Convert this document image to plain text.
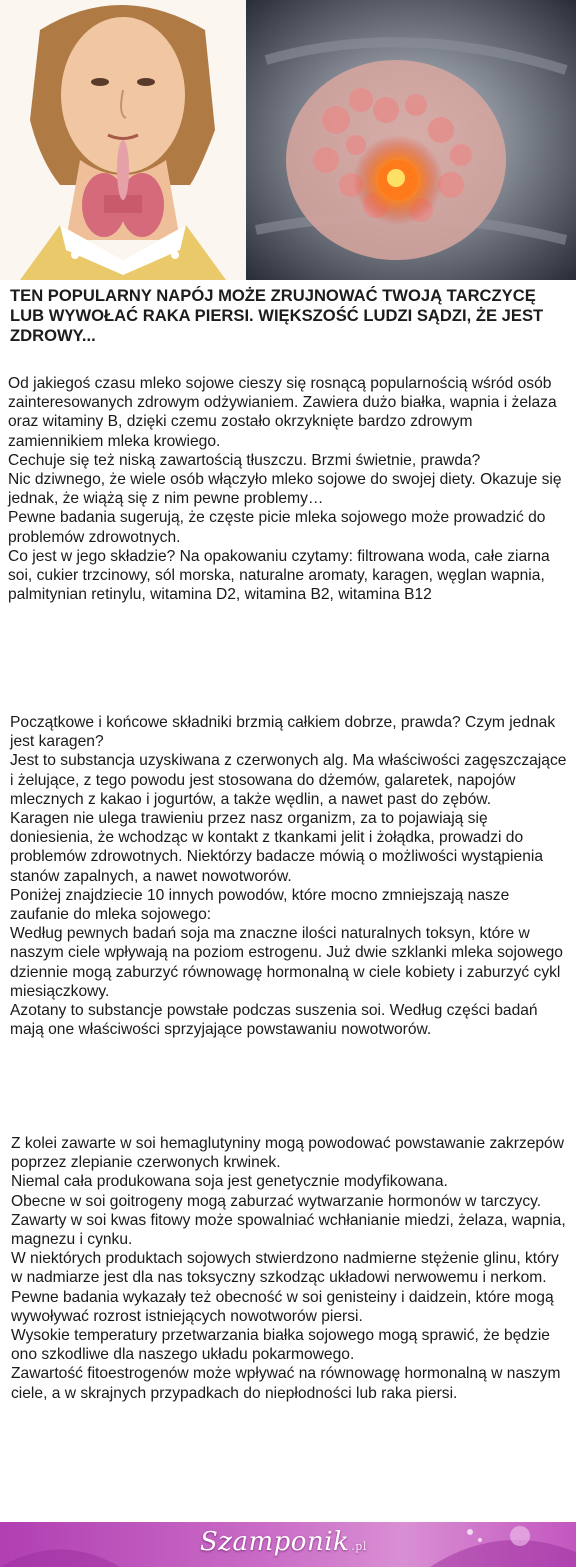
TEN POPULARNY NAPÓJ MOŻE ZRUJNOWAĆ TWOJĄ TARCZYCĘ LUB WYWOŁAĆ RAKA PIERSI. WIĘKSZOŚĆ LUDZI SĄDZI, ŻE JEST ZDROWY...

Od jakiegoś czasu mleko sojowe cieszy się rosnącą popularnością wśród osób zainteresowanych zdrowym odżywianiem. Zawiera dużo białka, wapnia i żelaza oraz witaminy B, dzięki czemu zostało okrzyknięte bardzo zdrowym zamiennikiem mleka krowiego.

Cechuje się też niską zawartością tłuszczu. Brzmi świetnie, prawda?

Nic dziwnego, że wiele osób włączyło mleko sojowe do swojej diety. Okazuje się jednak, że wiążą się z nim pewne problemy…

Pewne badania sugerują, że częste picie mleka sojowego może prowadzić do problemów zdrowotnych.

Co jest w jego składzie? Na opakowaniu czytamy: filtrowana woda, całe ziarna soi, cukier trzcinowy, sól morska, naturalne aromaty, karagen, węglan wapnia, palmitynian retinylu, witamina D2, witamina B2, witamina B12

Początkowe i końcowe składniki brzmią całkiem dobrze, prawda? Czym jednak jest karagen?

Jest to substancja uzyskiwana z czerwonych alg. Ma właściwości zagęszczające i żelujące, z tego powodu jest stosowana do dżemów, galaretek, napojów mlecznych z kakao i jogurtów, a także wędlin, a nawet past do zębów.

Karagen nie ulega trawieniu przez nasz organizm, za to pojawiają się doniesienia, że wchodząc w kontakt z tkankami jelit i żołądka, prowadzi do problemów zdrowotnych. Niektórzy badacze mówią o możliwości wystąpienia stanów zapalnych, a nawet nowotworów.

Poniżej znajdziecie 10 innych powodów, które mocno zmniejszają nasze zaufanie do mleka sojowego:

Według pewnych badań soja ma znaczne ilości naturalnych toksyn, które w naszym ciele wpływają na poziom estrogenu. Już dwie szklanki mleka sojowego dziennie mogą zaburzyć równowagę hormonalną w ciele kobiety i zaburzyć cykl miesiączkowy.

Azotany to substancje powstałe podczas suszenia soi. Według części badań mają one właściwości sprzyjające powstawaniu nowotworów.

Z kolei zawarte w soi hemaglutyniny mogą powodować powstawanie zakrzepów poprzez zlepianie czerwonych krwinek.

Niemal cała produkowana soja jest genetycznie modyfikowana.

Obecne w soi goitrogeny mogą zaburzać wytwarzanie hormonów w tarczycy.

Zawarty w soi kwas fitowy może spowalniać wchłanianie miedzi, żelaza, wapnia, magnezu i cynku.

W niektórych produktach sojowych stwierdzono nadmierne stężenie glinu, który w nadmiarze jest dla nas toksyczny szkodząc układowi nerwowemu i nerkom.

Pewne badania wykazały też obecność w soi genisteiny i daidzein, które mogą wywoływać rozrost istniejących nowotworów piersi.

Wysokie temperatury przetwarzania białka sojowego mogą sprawić, że będzie ono szkodliwe dla naszego układu pokarmowego.

Zawartość fitoestrogenów może wpływać na równowagę hormonalną w naszym ciele, a w skrajnych przypadkach do niepłodności lub raka piersi.

Szamponik .pl
